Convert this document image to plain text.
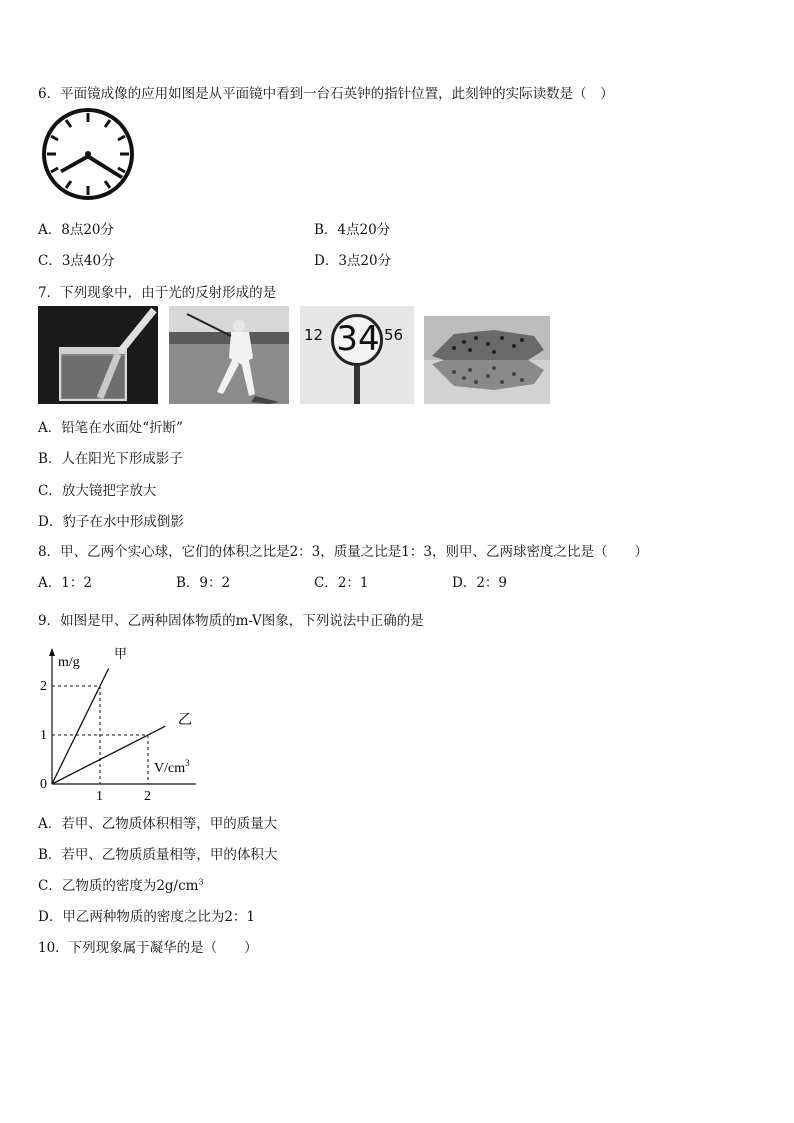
6．平面镜成像的应用如图是从平面镜中看到一台石英钟的指针位置，此刻钟的实际读数是（　）
A．8点20分	B．4点20分
C．3点40分	D．3点20分
7．下列现象中，由于光的反射形成的是
12 34 56
A．铅笔在水面处“折断”
B．人在阳光下形成影子
C．放大镜把字放大
D．豹子在水中形成倒影
8．甲、乙两个实心球，它们的体积之比是2：3，质量之比是1：3，则甲、乙两球密度之比是（　　）
A．1：2	B．9：2	C．2：1	D．2：9
9．如图是甲、乙两种固体物质的m-V图象，下列说法中正确的是
m/g
甲
乙
2
1
0
1	2
$V/cm^3$
A．若甲、乙物质体积相等，甲的质量大
B．若甲、乙物质质量相等，甲的体积大
C．乙物质的密度为$2g/cm^3$
D．甲乙两种物质的密度之比为2：1
10．下列现象属于凝华的是（　　）
